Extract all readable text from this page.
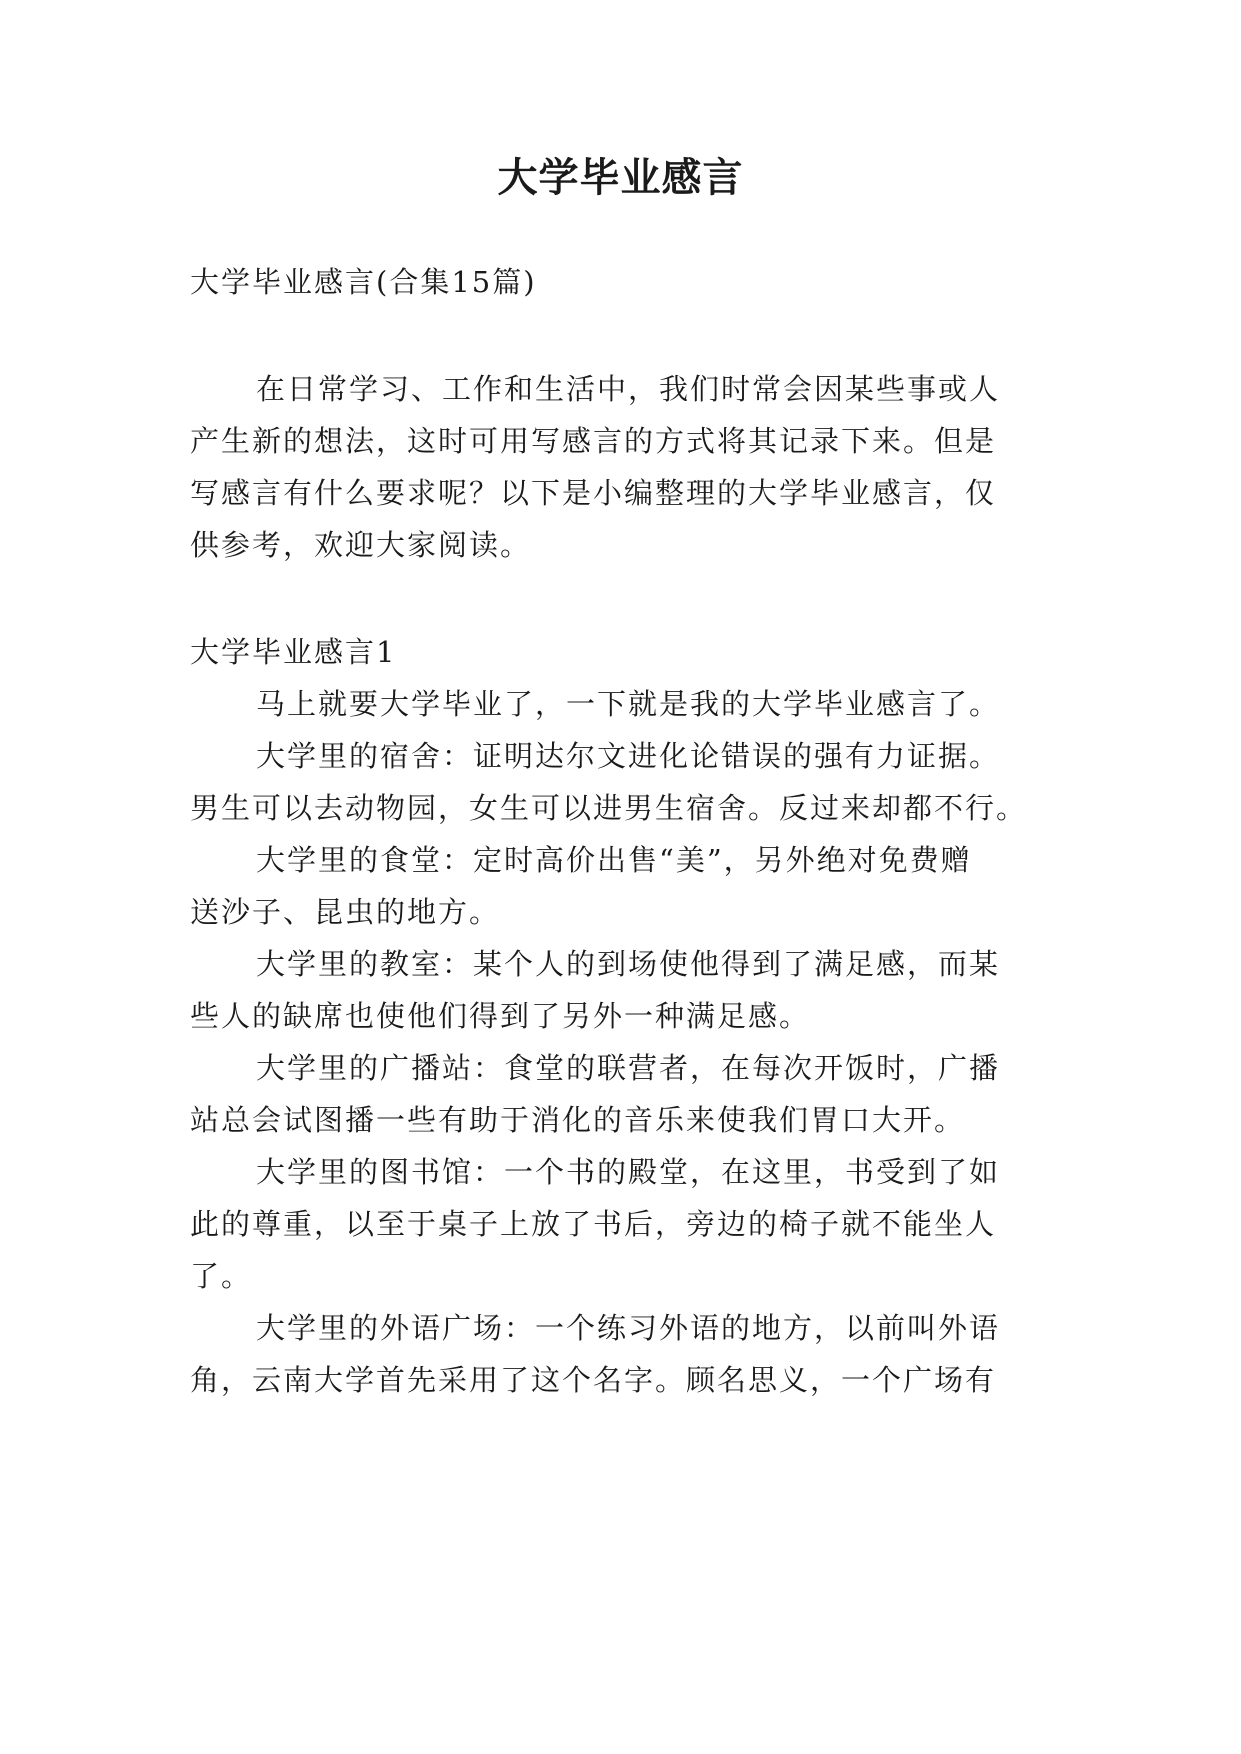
大学毕业感言
大学毕业感言(合集15篇)
在日常学习、工作和生活中，我们时常会因某些事或人
产生新的想法，这时可用写感言的方式将其记录下来。但是
写感言有什么要求呢？以下是小编整理的大学毕业感言，仅
供参考，欢迎大家阅读。
大学毕业感言1
马上就要大学毕业了，一下就是我的大学毕业感言了。
大学里的宿舍：证明达尔文进化论错误的强有力证据。
男生可以去动物园，女生可以进男生宿舍。反过来却都不行。
大学里的食堂：定时高价出售“美”，另外绝对免费赠
送沙子、昆虫的地方。
大学里的教室：某个人的到场使他得到了满足感，而某
些人的缺席也使他们得到了另外一种满足感。
大学里的广播站：食堂的联营者，在每次开饭时，广播
站总会试图播一些有助于消化的音乐来使我们胃口大开。
大学里的图书馆：一个书的殿堂，在这里，书受到了如
此的尊重，以至于桌子上放了书后，旁边的椅子就不能坐人
了。
大学里的外语广场：一个练习外语的地方，以前叫外语
角，云南大学首先采用了这个名字。顾名思义，一个广场有
